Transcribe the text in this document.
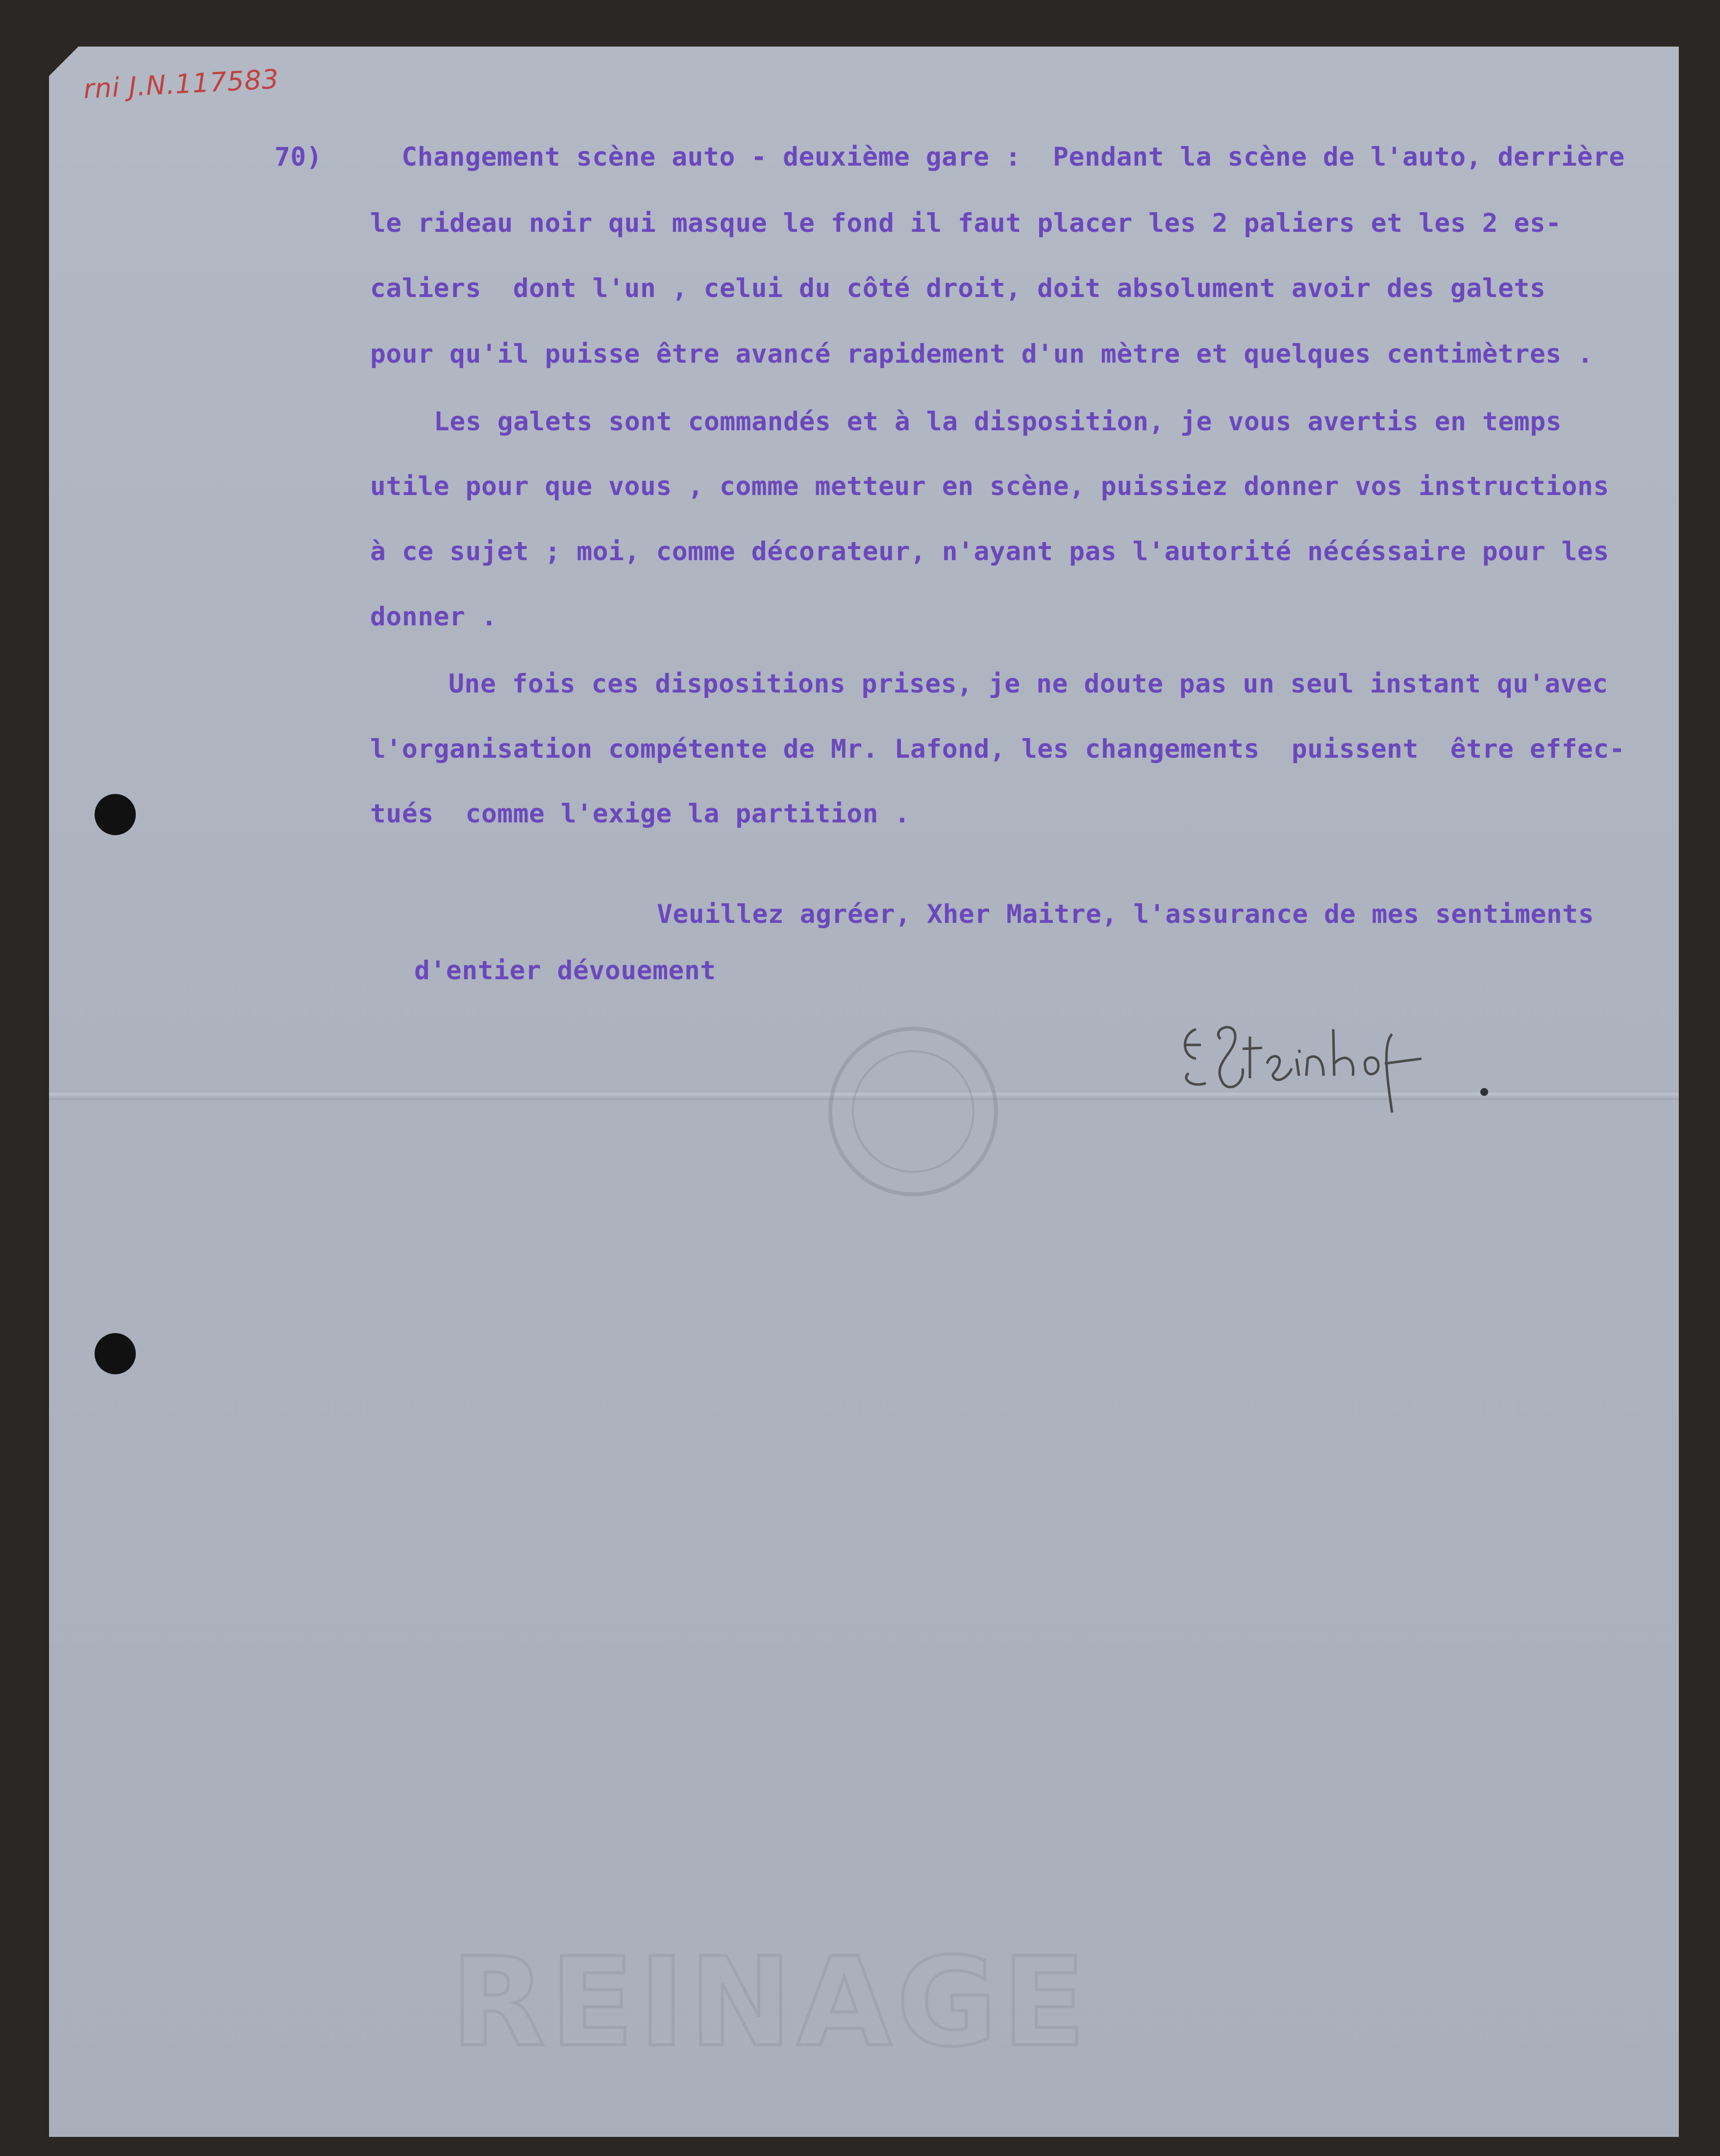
rni J.N.117583
70)     Changement scène auto - deuxième gare :  Pendant la scène de l'auto, derrière
le rideau noir qui masque le fond il faut placer les 2 paliers et les 2 es-
caliers  dont l'un , celui du côté droit, doit absolument avoir des galets
pour qu'il puisse être avancé rapidement d'un mètre et quelques centimètres .
Les galets sont commandés et à la disposition, je vous avertis en temps
utile pour que vous , comme metteur en scène, puissiez donner vos instructions
à ce sujet ; moi, comme décorateur, n'ayant pas l'autorité nécéssaire pour les
donner .
Une fois ces dispositions prises, je ne doute pas un seul instant qu'avec
l'organisation compétente de Mr. Lafond, les changements  puissent  être effec-
tués  comme l'exige la partition .
Veuillez agréer, Xher Maitre, l'assurance de mes sentiments
d'entier dévouement
REINAGE
